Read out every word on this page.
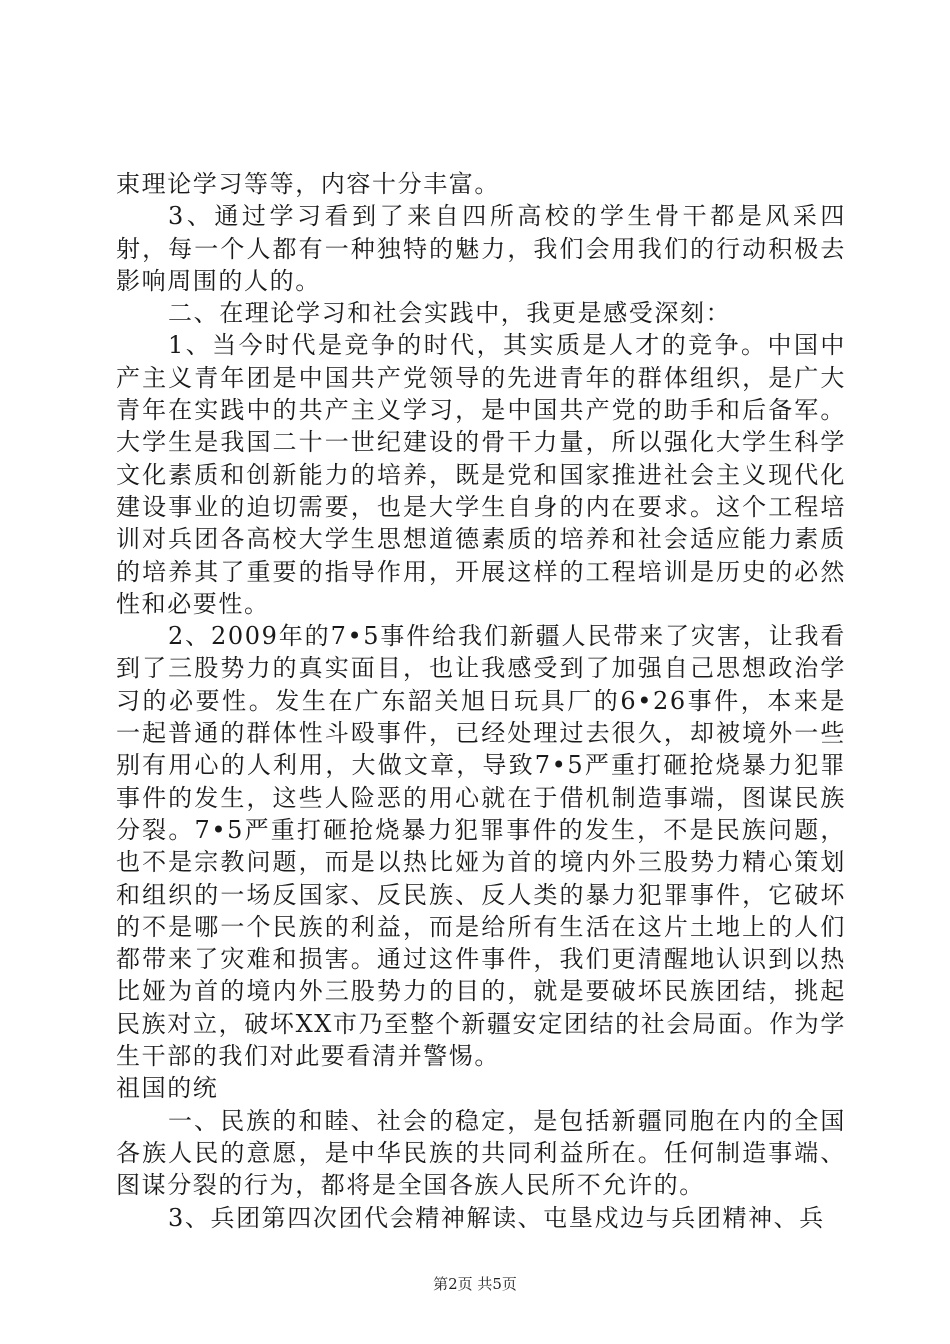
束理论学习等等，内容十分丰富。

3、通过学习看到了来自四所高校的学生骨干都是风采四射，每一个人都有一种独特的魅力，我们会用我们的行动积极去影响周围的人的。

二、在理论学习和社会实践中，我更是感受深刻：

1、当今时代是竞争的时代，其实质是人才的竞争。中国中产主义青年团是中国共产党领导的先进青年的群体组织，是广大青年在实践中的共产主义学习，是中国共产党的助手和后备军。大学生是我国二十一世纪建设的骨干力量，所以强化大学生科学文化素质和创新能力的培养，既是党和国家推进社会主义现代化建设事业的迫切需要，也是大学生自身的内在要求。这个工程培训对兵团各高校大学生思想道德素质的培养和社会适应能力素质的培养其了重要的指导作用，开展这样的工程培训是历史的必然性和必要性。

2、2009年的7•5事件给我们新疆人民带来了灾害，让我看到了三股势力的真实面目，也让我感受到了加强自己思想政治学习的必要性。发生在广东韶关旭日玩具厂的6•26事件，本来是一起普通的群体性斗殴事件，已经处理过去很久，却被境外一些别有用心的人利用，大做文章，导致7•5严重打砸抢烧暴力犯罪事件的发生，这些人险恶的用心就在于借机制造事端，图谋民族分裂。7•5严重打砸抢烧暴力犯罪事件的发生，不是民族问题，也不是宗教问题，而是以热比娅为首的境内外三股势力精心策划和组织的一场反国家、反民族、反人类的暴力犯罪事件，它破坏的不是哪一个民族的利益，而是给所有生活在这片土地上的人们都带来了灾难和损害。通过这件事件，我们更清醒地认识到以热比娅为首的境内外三股势力的目的，就是要破坏民族团结，挑起民族对立，破坏XX市乃至整个新疆安定团结的社会局面。作为学生干部的我们对此要看清并警惕。

祖国的统

一、民族的和睦、社会的稳定，是包括新疆同胞在内的全国各族人民的意愿，是中华民族的共同利益所在。任何制造事端、图谋分裂的行为，都将是全国各族人民所不允许的。

3、兵团第四次团代会精神解读、屯垦戍边与兵团精神、兵

第2页 共5页
